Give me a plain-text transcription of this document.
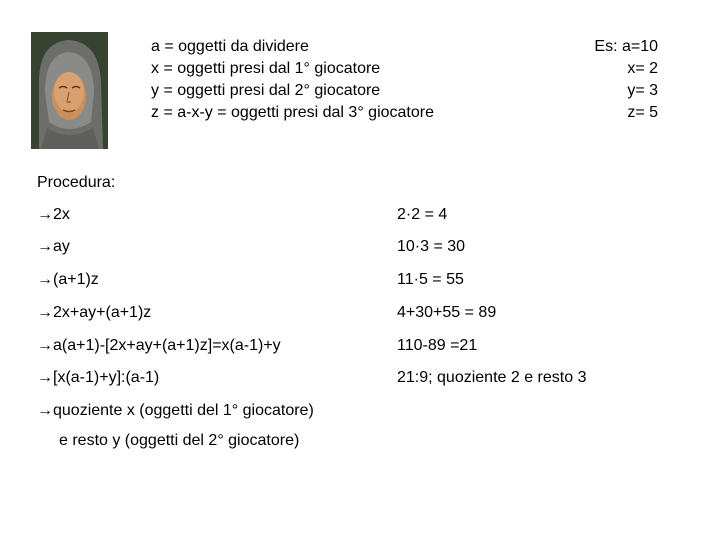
a = oggetti da dividere
x = oggetti presi dal 1° giocatore
y = oggetti presi dal 2° giocatore
z = a-x-y = oggetti presi dal 3° giocatore
Es: a=10
x= 2
y= 3
z= 5
Procedura:
→2x
→ay
→(a+1)z
→2x+ay+(a+1)z
→a(a+1)-[2x+ay+(a+1)z]=x(a-1)+y
→[x(a-1)+y]:(a-1)
→quoziente x (oggetti del 1° giocatore)
e resto y (oggetti del 2° giocatore)
2·2 = 4
10·3 = 30
11·5 = 55
4+30+55 = 89
110-89 =21
21:9; quoziente 2 e resto 3
